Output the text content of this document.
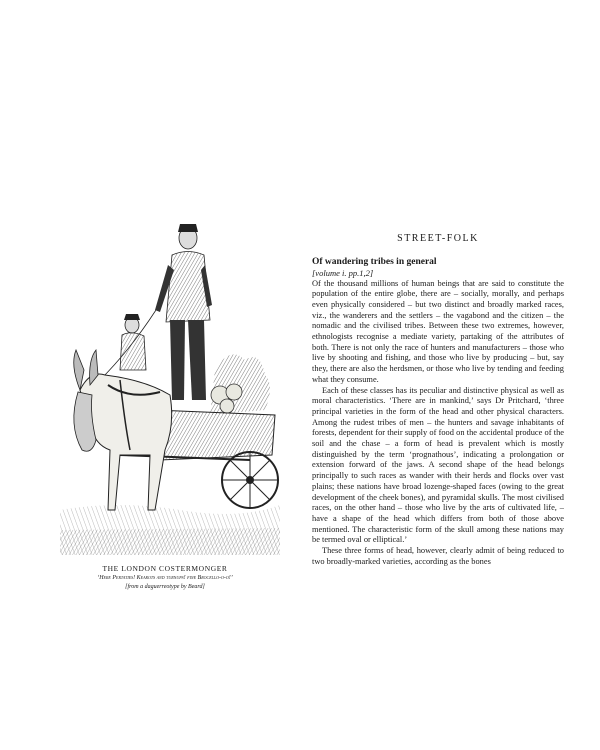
THE LONDON COSTERMONGER
‘Here Pertaties! Kearots and turnups! fine Brocello-o-o!’
[from a daguerreotype by Beard]
STREET-FOLK

Of wandering tribes in general

[volume i. pp.1,2]

Of the thousand millions of human beings that are said to constitute the population of the entire globe, there are – socially, morally, and perhaps even physically considered – but two distinct and broadly marked races, viz., the wanderers and the settlers – the vagabond and the citizen – the nomadic and the civilised tribes. Between these two extremes, however, ethnologists recognise a mediate variety, partaking of the attributes of both. There is not only the race of hunters and manufacturers – those who live by shooting and fishing, and those who live by producing – but, say they, there are also the herdsmen, or those who live by tending and feeding what they consume.

Each of these classes has its peculiar and distinctive physical as well as moral characteristics. ‘There are in mankind,’ says Dr Pritchard, ‘three principal varieties in the form of the head and other physical characters. Among the rudest tribes of men – the hunters and savage inhabitants of forests, dependent for their supply of food on the accidental produce of the soil and the chase – a form of head is prevalent which is mostly distinguished by the term ‘prognathous’, indicating a prolongation or extension forward of the jaws. A second shape of the head belongs principally to such races as wander with their herds and flocks over vast plains; these nations have broad lozenge-shaped faces (owing to the great development of the cheek bones), and pyramidal skulls. The most civilised races, on the other hand – those who live by the arts of cultivated life, – have a shape of the head which differs from both of those above mentioned. The characteristic form of the skull among these nations may be termed oval or elliptical.’

These three forms of head, however, clearly admit of being reduced to two broadly-marked varieties, according as the bones
